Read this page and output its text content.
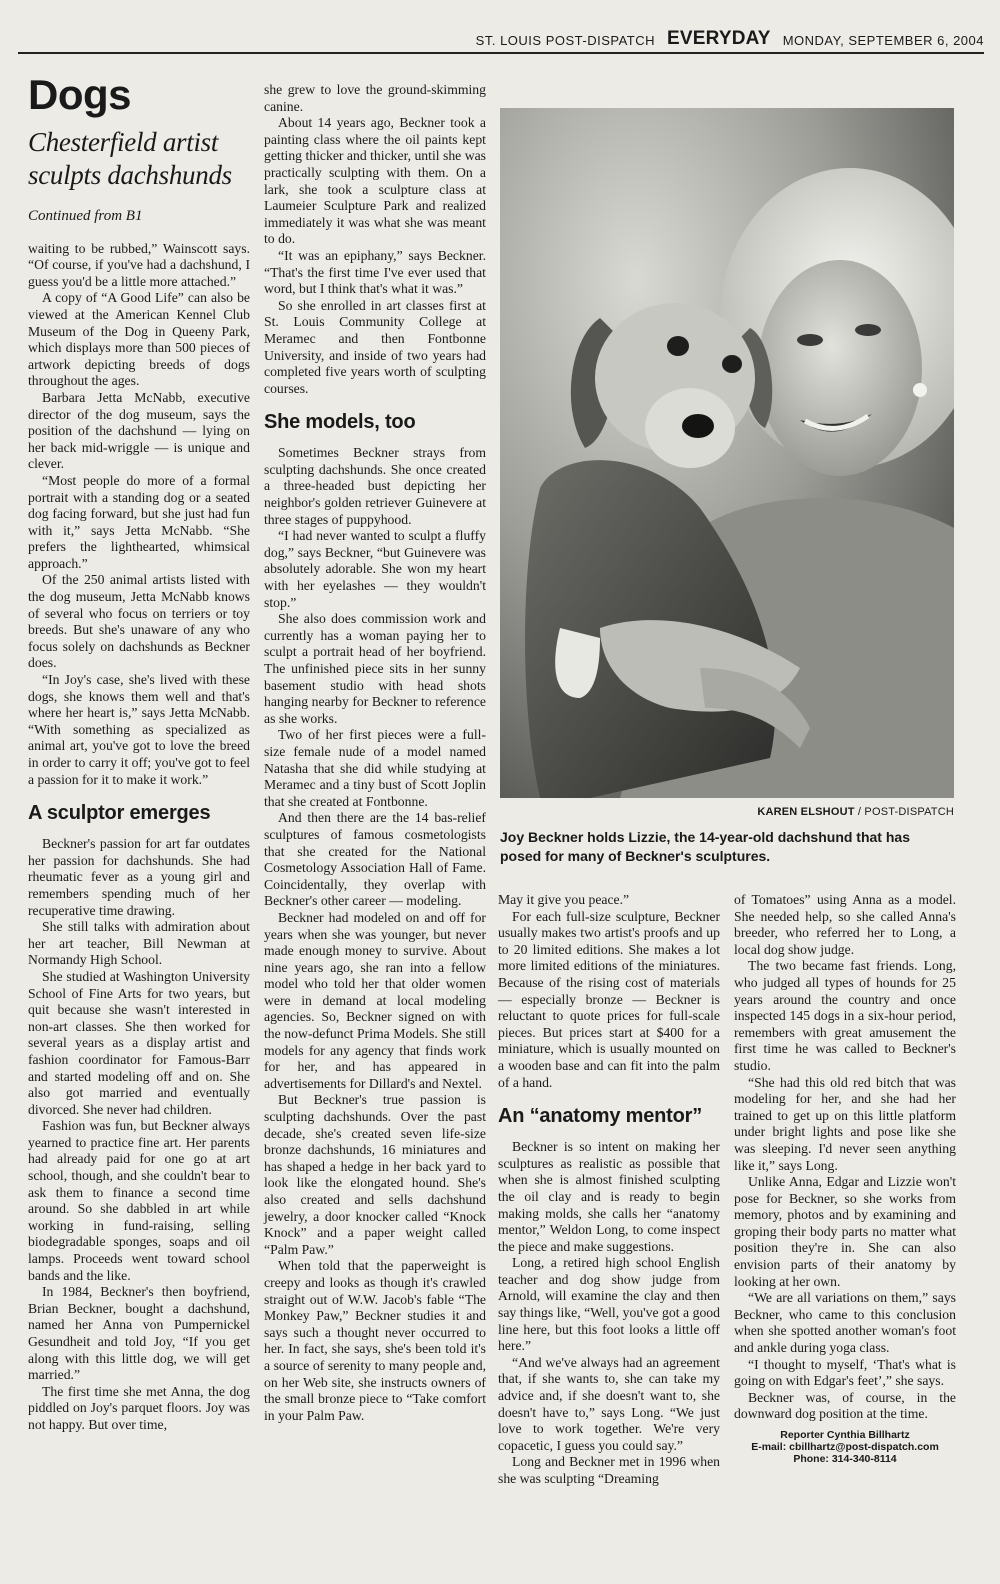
ST. LOUIS POST-DISPATCH EVERYDAY MONDAY, SEPTEMBER 6, 2004
Dogs
Chesterfield artist sculpts dachshunds
Continued from B1

waiting to be rubbed,” Wainscott says. “Of course, if you've had a dachshund, I guess you'd be a little more attached.”

A copy of “A Good Life” can also be viewed at the American Kennel Club Museum of the Dog in Queeny Park, which displays more than 500 pieces of artwork depicting breeds of dogs throughout the ages.

Barbara Jetta McNabb, executive director of the dog museum, says the position of the dachshund — lying on her back mid-wriggle — is unique and clever.

“Most people do more of a formal portrait with a standing dog or a seated dog facing forward, but she just had fun with it,” says Jetta McNabb. “She prefers the lighthearted, whimsical approach.”

Of the 250 animal artists listed with the dog museum, Jetta McNabb knows of several who focus on terriers or toy breeds. But she's unaware of any who focus solely on dachshunds as Beckner does.

“In Joy's case, she's lived with these dogs, she knows them well and that's where her heart is,” says Jetta McNabb. “With something as specialized as animal art, you've got to love the breed in order to carry it off; you've got to feel a passion for it to make it work.”

A sculptor emerges

Beckner's passion for art far outdates her passion for dachshunds. She had rheumatic fever as a young girl and remembers spending much of her recuperative time drawing.

She still talks with admiration about her art teacher, Bill Newman at Normandy High School.

She studied at Washington University School of Fine Arts for two years, but quit because she wasn't interested in non-art classes. She then worked for several years as a display artist and fashion coordinator for Famous-Barr and started modeling off and on. She also got married and eventually divorced. She never had children.

Fashion was fun, but Beckner always yearned to practice fine art. Her parents had already paid for one go at art school, though, and she couldn't bear to ask them to finance a second time around. So she dabbled in art while working in fund-raising, selling biodegradable sponges, soaps and oil lamps. Proceeds went toward school bands and the like.

In 1984, Beckner's then boyfriend, Brian Beckner, bought a dachshund, named her Anna von Pumpernickel Gesundheit and told Joy, “If you get along with this little dog, we will get married.”

The first time she met Anna, the dog piddled on Joy's parquet floors. Joy was not happy. But over time,

she grew to love the ground-skimming canine.

About 14 years ago, Beckner took a painting class where the oil paints kept getting thicker and thicker, until she was practically sculpting with them. On a lark, she took a sculpture class at Laumeier Sculpture Park and realized immediately it was what she was meant to do.

“It was an epiphany,” says Beckner. “That's the first time I've ever used that word, but I think that's what it was.”

So she enrolled in art classes first at St. Louis Community College at Meramec and then Fontbonne University, and inside of two years had completed five years worth of sculpting courses.

She models, too

Sometimes Beckner strays from sculpting dachshunds. She once created a three-headed bust depicting her neighbor's golden retriever Guinevere at three stages of puppyhood.

“I had never wanted to sculpt a fluffy dog,” says Beckner, “but Guinevere was absolutely adorable. She won my heart with her eyelashes — they wouldn't stop.”

She also does commission work and currently has a woman paying her to sculpt a portrait head of her boyfriend. The unfinished piece sits in her sunny basement studio with head shots hanging nearby for Beckner to reference as she works.

Two of her first pieces were a full-size female nude of a model named Natasha that she did while studying at Meramec and a tiny bust of Scott Joplin that she created at Fontbonne.

And then there are the 14 bas-relief sculptures of famous cosmetologists that she created for the National Cosmetology Association Hall of Fame. Coincidentally, they overlap with Beckner's other career — modeling.

Beckner had modeled on and off for years when she was younger, but never made enough money to survive. About nine years ago, she ran into a fellow model who told her that older women were in demand at local modeling agencies. So, Beckner signed on with the now-defunct Prima Models. She still models for any agency that finds work for her, and has appeared in advertisements for Dillard's and Nextel.

But Beckner's true passion is sculpting dachshunds. Over the past decade, she's created seven life-size bronze dachshunds, 16 miniatures and has shaped a hedge in her back yard to look like the elongated hound. She's also created and sells dachshund jewelry, a door knocker called “Knock Knock” and a paper weight called “Palm Paw.”

When told that the paperweight is creepy and looks as though it's crawled straight out of W.W. Jacob's fable “The Monkey Paw,” Beckner studies it and says such a thought never occurred to her. In fact, she says, she's been told it's a source of serenity to many people and, on her Web site, she instructs owners of the small bronze piece to “Take comfort in your Palm Paw.

KAREN ELSHOUT / POST-DISPATCH
Joy Beckner holds Lizzie, the 14-year-old dachshund that has posed for many of Beckner's sculptures.

May it give you peace.”

For each full-size sculpture, Beckner usually makes two artist's proofs and up to 20 limited editions. She makes a lot more limited editions of the miniatures. Because of the rising cost of materials — especially bronze — Beckner is reluctant to quote prices for full-scale pieces. But prices start at $400 for a miniature, which is usually mounted on a wooden base and can fit into the palm of a hand.

An “anatomy mentor”

Beckner is so intent on making her sculptures as realistic as possible that when she is almost finished sculpting the oil clay and is ready to begin making molds, she calls her “anatomy mentor,” Weldon Long, to come inspect the piece and make suggestions.

Long, a retired high school English teacher and dog show judge from Arnold, will examine the clay and then say things like, “Well, you've got a good line here, but this foot looks a little off here.”

“And we've always had an agreement that, if she wants to, she can take my advice and, if she doesn't want to, she doesn't have to,” says Long. “We just love to work together. We're very copacetic, I guess you could say.”

Long and Beckner met in 1996 when she was sculpting “Dreaming

of Tomatoes” using Anna as a model. She needed help, so she called Anna's breeder, who referred her to Long, a local dog show judge.

The two became fast friends. Long, who judged all types of hounds for 25 years around the country and once inspected 145 dogs in a six-hour period, remembers with great amusement the first time he was called to Beckner's studio.

“She had this old red bitch that was modeling for her, and she had her trained to get up on this little platform under bright lights and pose like she was sleeping. I'd never seen anything like it,” says Long.

Unlike Anna, Edgar and Lizzie won't pose for Beckner, so she works from memory, photos and by examining and groping their body parts no matter what position they're in. She can also envision parts of their anatomy by looking at her own.

“We are all variations on them,” says Beckner, who came to this conclusion when she spotted another woman's foot and ankle during yoga class.

“I thought to myself, ‘That's what is going on with Edgar's feet’,” she says.

Beckner was, of course, in the downward dog position at the time.

Reporter Cynthia Billhartz
E-mail: cbillhartz@post-dispatch.com
Phone: 314-340-8114
